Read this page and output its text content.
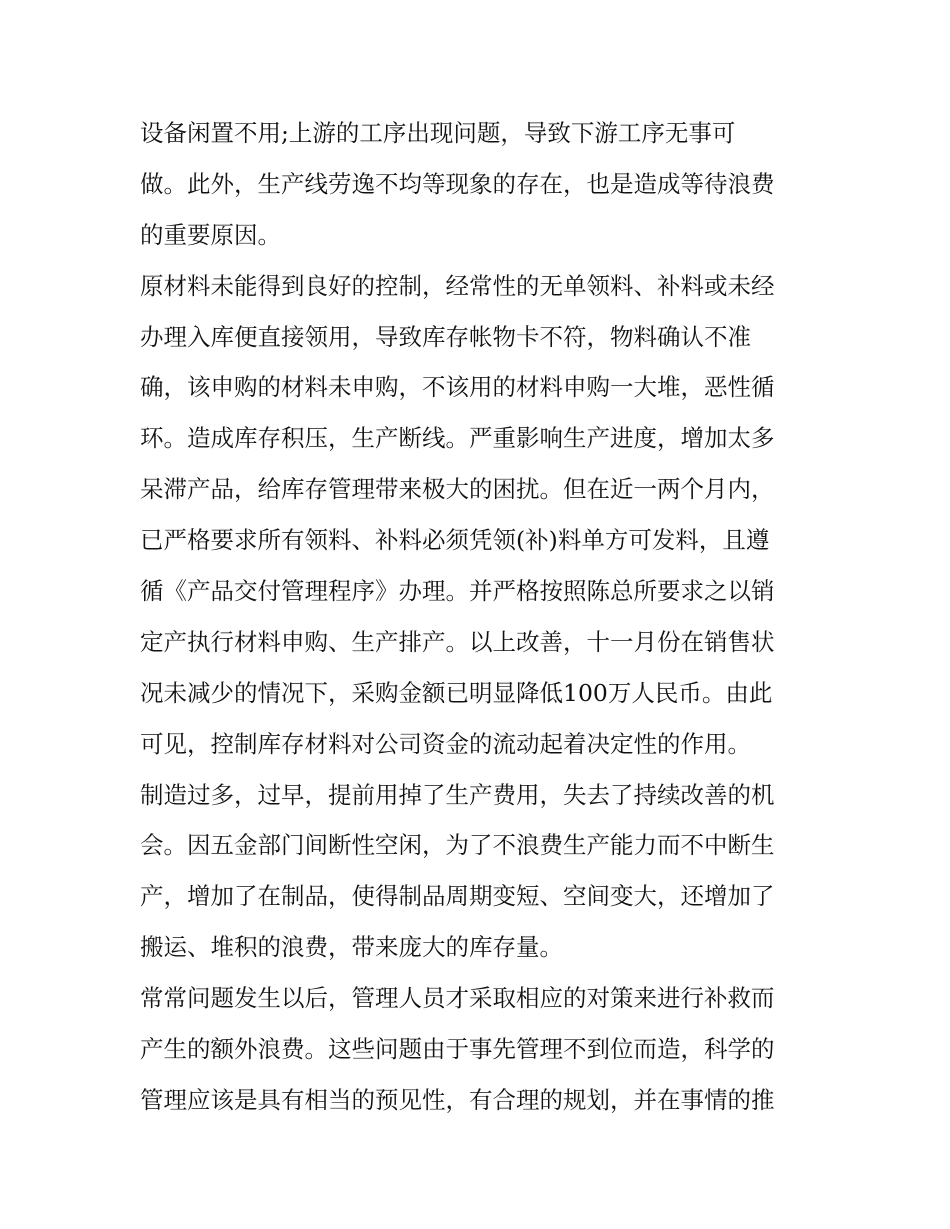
设备闲置不用;上游的工序出现问题，导致下游工序无事可
做。此外，生产线劳逸不均等现象的存在，也是造成等待浪费
的重要原因。
原材料未能得到良好的控制，经常性的无单领料、补料或未经
办理入库便直接领用，导致库存帐物卡不符，物料确认不准
确，该申购的材料未申购，不该用的材料申购一大堆，恶性循
环。造成库存积压，生产断线。严重影响生产进度，增加太多
呆滞产品，给库存管理带来极大的困扰。但在近一两个月内，
已严格要求所有领料、补料必须凭领(补)料单方可发料，且遵
循《产品交付管理程序》办理。并严格按照陈总所要求之以销
定产执行材料申购、生产排产。以上改善，十一月份在销售状
况未减少的情况下，采购金额已明显降低100万人民币。由此
可见，控制库存材料对公司资金的流动起着决定性的作用。
制造过多，过早，提前用掉了生产费用，失去了持续改善的机
会。因五金部门间断性空闲，为了不浪费生产能力而不中断生
产，增加了在制品，使得制品周期变短、空间变大，还增加了
搬运、堆积的浪费，带来庞大的库存量。
常常问题发生以后，管理人员才采取相应的对策来进行补救而
产生的额外浪费。这些问题由于事先管理不到位而造，科学的
管理应该是具有相当的预见性，有合理的规划，并在事情的推
